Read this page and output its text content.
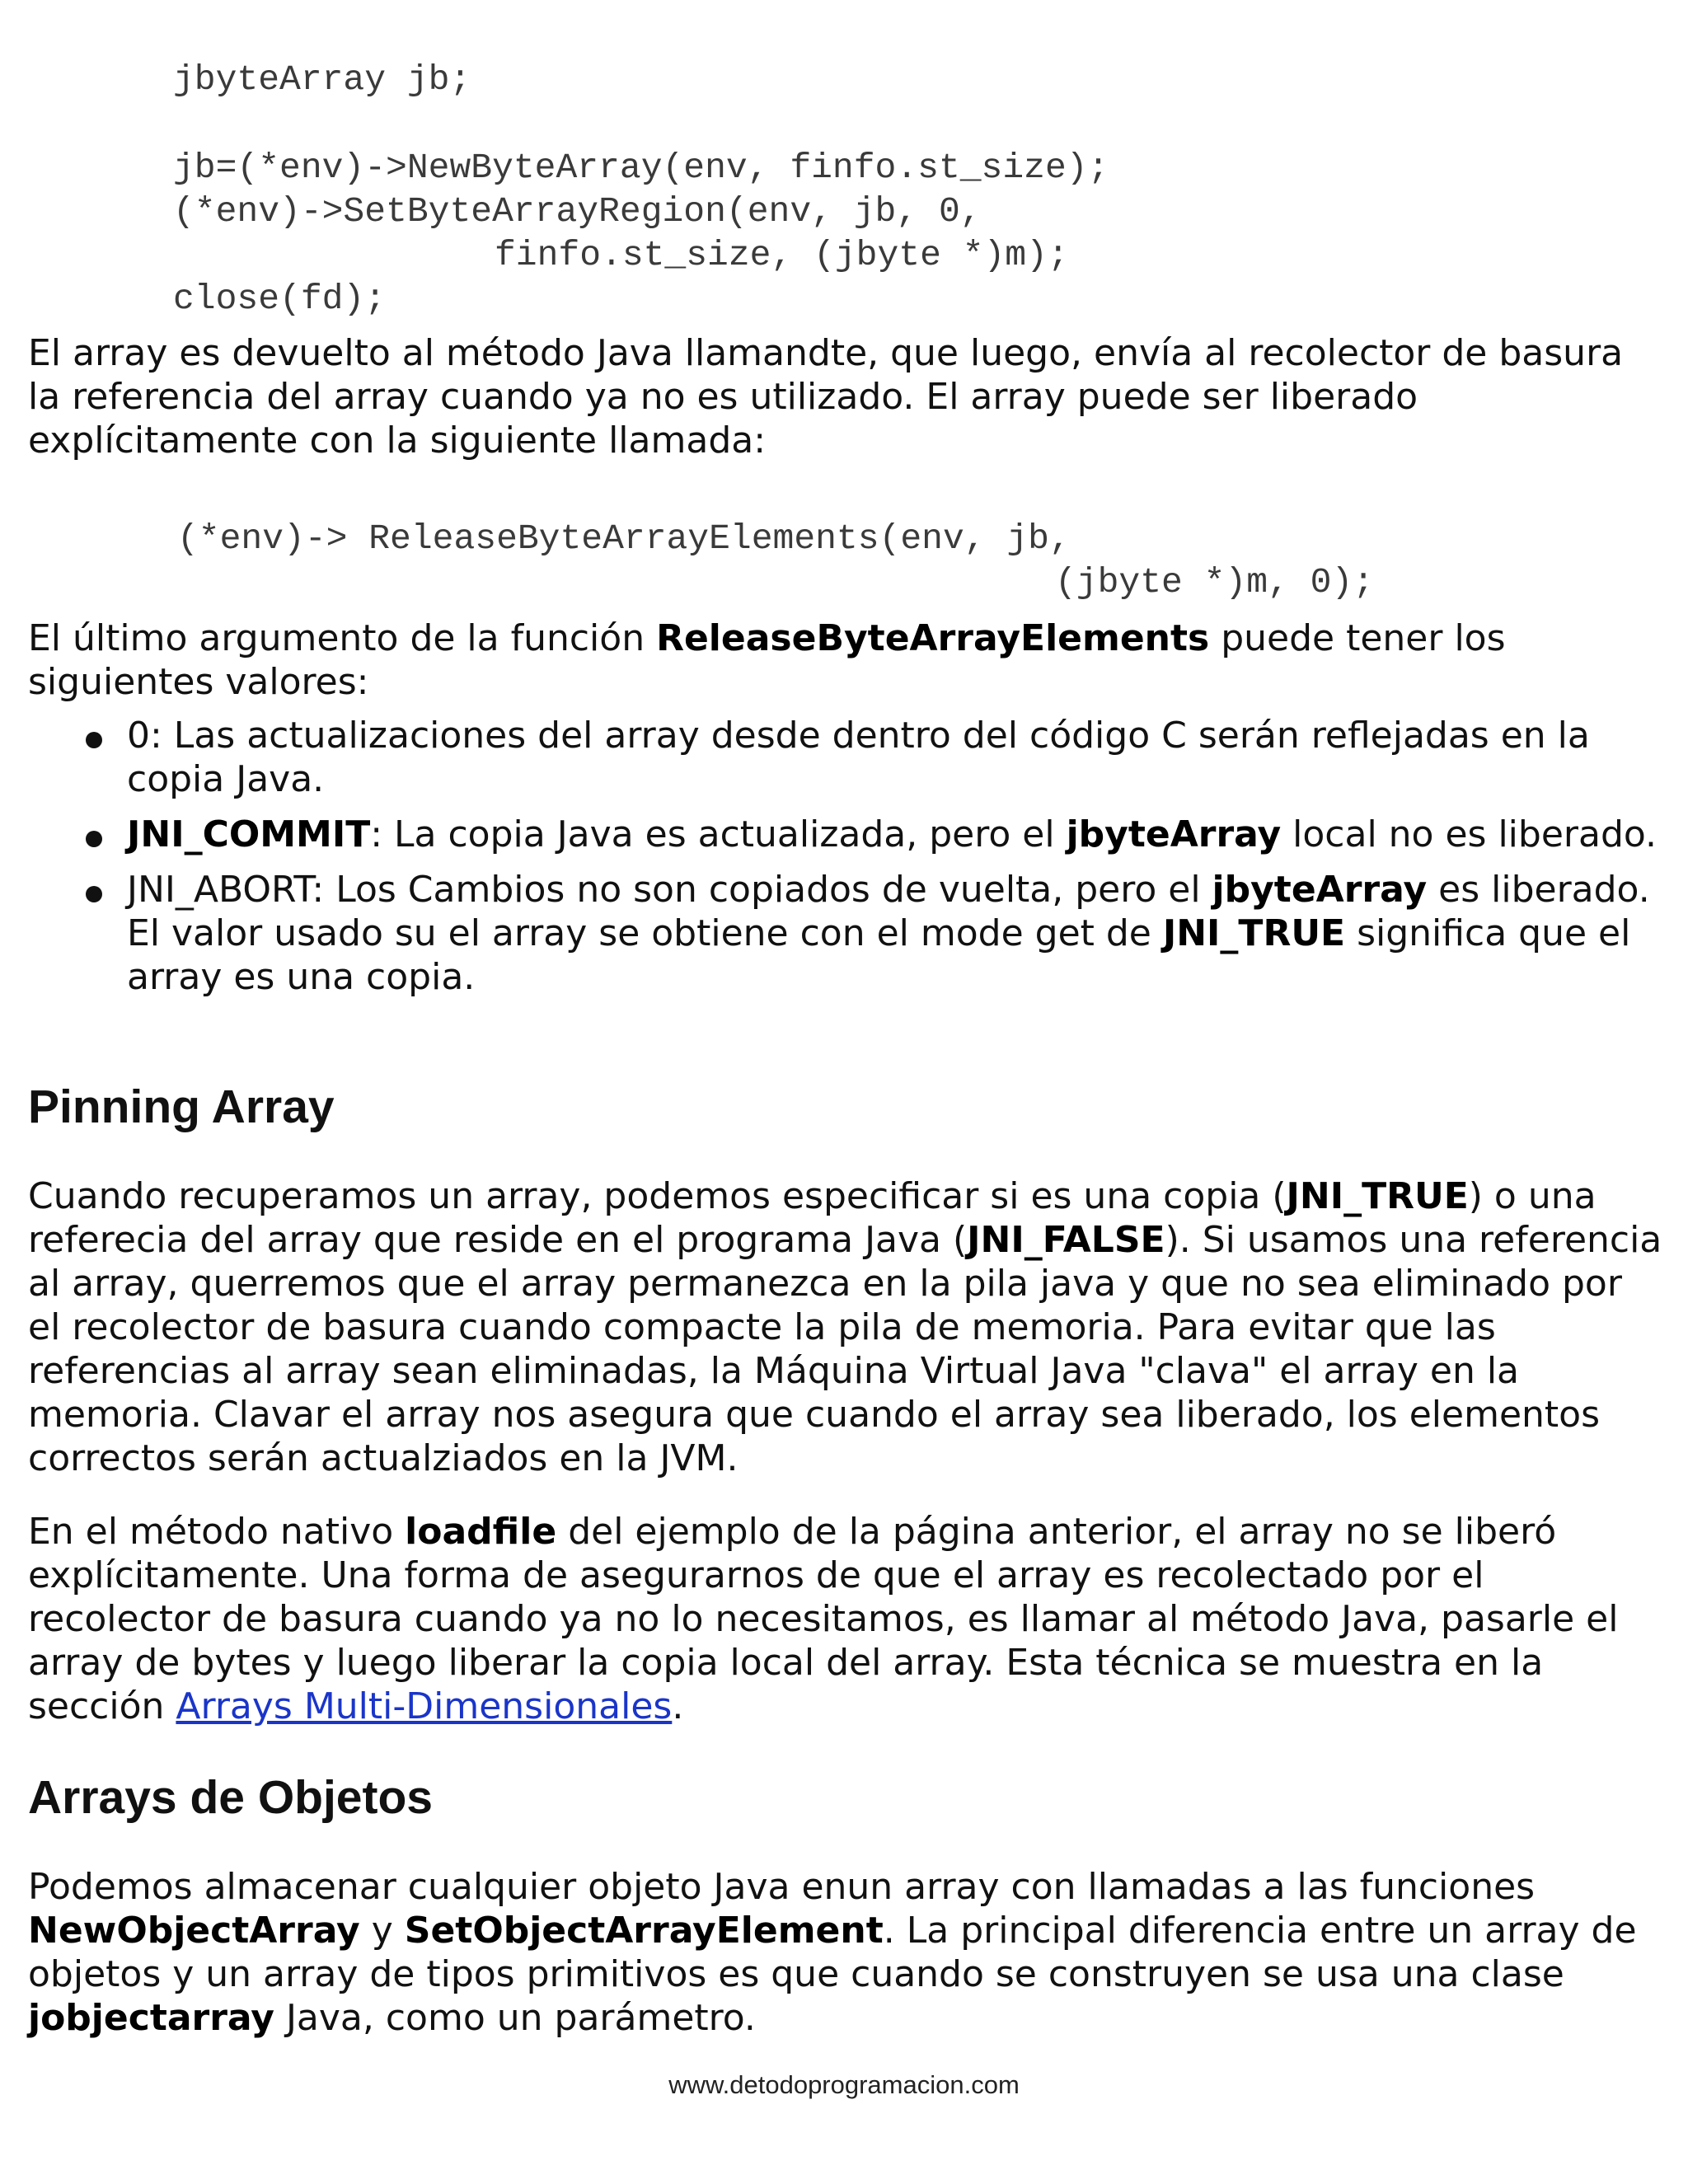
jbyteArray jb;
jb=(*env)->NewByteArray(env, finfo.st_size);
(*env)->SetByteArrayRegion(env, jb, 0,
finfo.st_size, (jbyte *)m);
close(fd);
El array es devuelto al método Java llamandte, que luego, envía al recolector de basura la referencia del array cuando ya no es utilizado. El array puede ser liberado explícitamente con la siguiente llamada:
(*env)-> ReleaseByteArrayElements(env, jb,
(jbyte *)m, 0);
El último argumento de la función ReleaseByteArrayElements puede tener los siguientes valores:
0: Las actualizaciones del array desde dentro del código C serán reflejadas en la copia Java.
JNI_COMMIT: La copia Java es actualizada, pero el jbyteArray local no es liberado.
JNI_ABORT: Los Cambios no son copiados de vuelta, pero el jbyteArray es liberado. El valor usado su el array se obtiene con el mode get de JNI_TRUE significa que el array es una copia.
Pinning Array
Cuando recuperamos un array, podemos especificar si es una copia (JNI_TRUE) o una referecia del array que reside en el programa Java (JNI_FALSE). Si usamos una referencia al array, querremos que el array permanezca en la pila java y que no sea eliminado por el recolector de basura cuando compacte la pila de memoria. Para evitar que las referencias al array sean eliminadas, la Máquina Virtual Java "clava" el array en la memoria. Clavar el array nos asegura que cuando el array sea liberado, los elementos correctos serán actualziados en la JVM.
En el método nativo loadfile del ejemplo de la página anterior, el array no se liberó explícitamente. Una forma de asegurarnos de que el array es recolectado por el recolector de basura cuando ya no lo necesitamos, es llamar al método Java, pasarle el array de bytes y luego liberar la copia local del array. Esta técnica se muestra en la sección Arrays Multi-Dimensionales.
Arrays de Objetos
Podemos almacenar cualquier objeto Java enun array con llamadas a las funciones NewObjectArray y SetObjectArrayElement. La principal diferencia entre un array de objetos y un array de tipos primitivos es que cuando se construyen se usa una clase jobjectarray Java, como un parámetro.
www.detodoprogramacion.com
